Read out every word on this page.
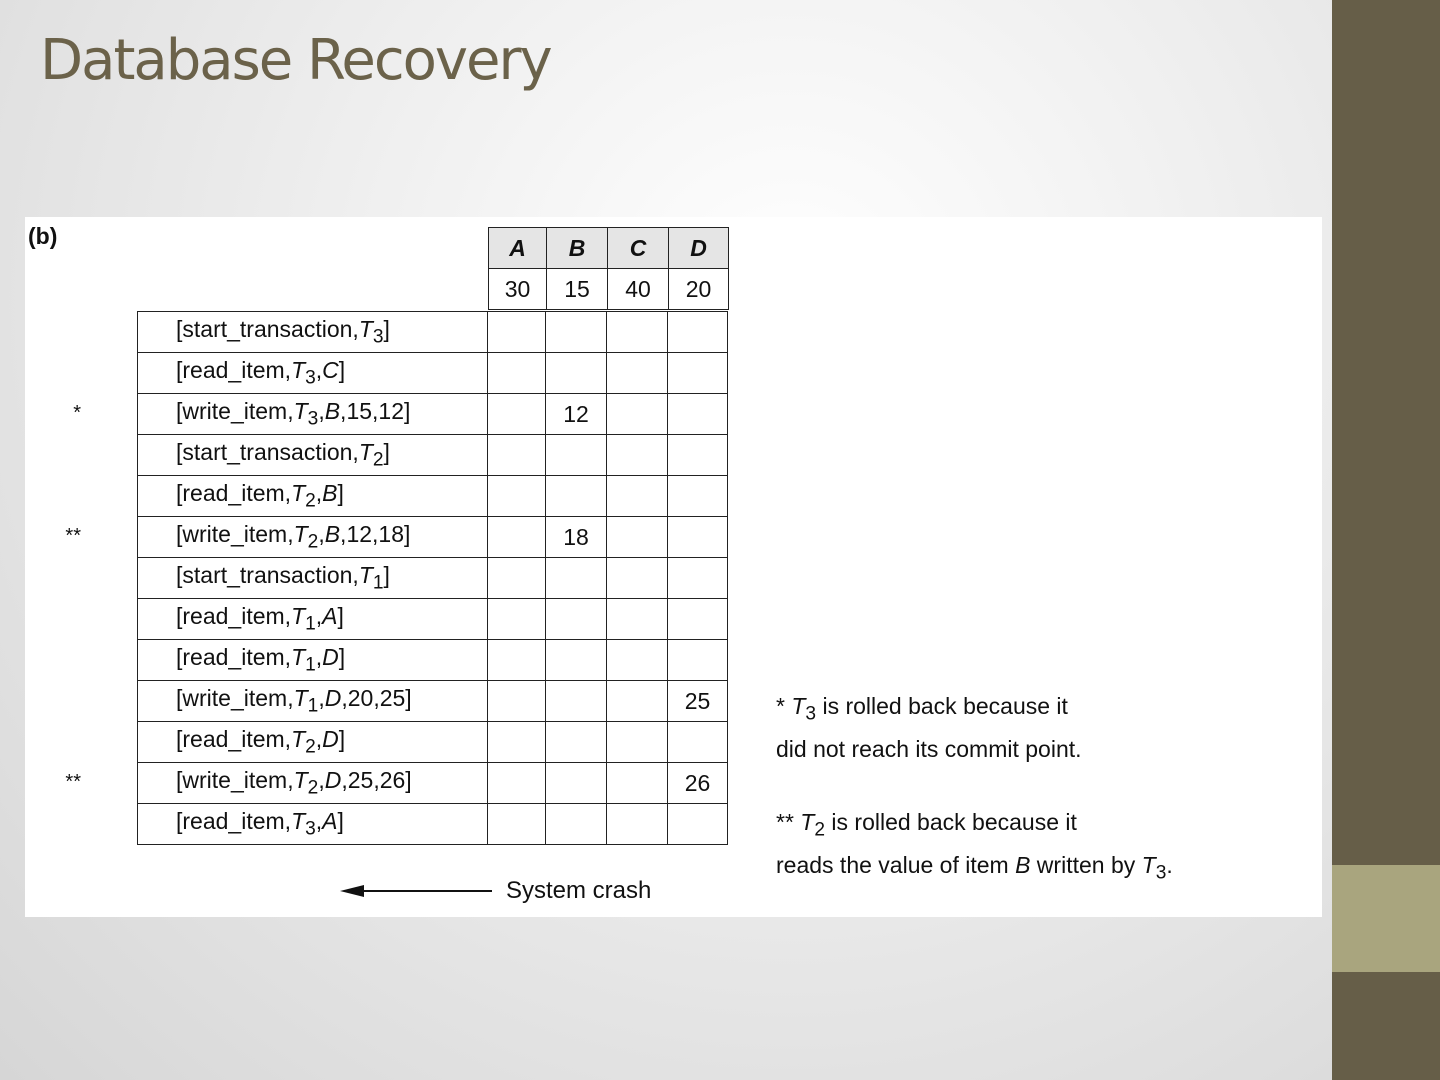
Database Recovery
(b)	A	B	C	D
30	15	40	20
	$[start\_transaction,T_3]$				

	$[read\_item,T_3,C]$				

*	$[write\_item,T_3,B,15,12]$		12		

	$[start\_transaction,T_2]$				

	$[read\_item,T_2,B]$				

**	$[write\_item,T_2,B,12,18]$		18		

	$[start\_transaction,T_1]$				

	$[read\_item,T_1,A]$				

	$[read\_item,T_1,D]$				

	$[write\_item,T_1,D,20,25]$				25

	$[read\_item,T_2,D]$				

**	$[write\_item,T_2,D,25,26]$				26

	$[read\_item,T_3,A]$				
System crash
* $T_3$ is rolled back because it
did not reach its commit point.
** $T_2$ is rolled back because it
reads the value of item B written by $T_3$.
